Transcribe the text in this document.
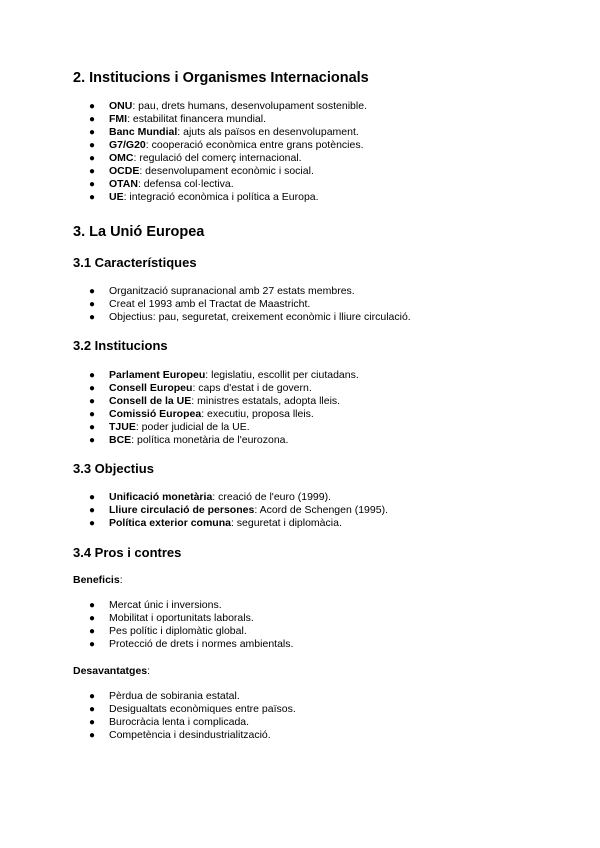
2. Institucions i Organismes Internacionals
● ONU: pau, drets humans, desenvolupament sostenible.
● FMI: estabilitat financera mundial.
● Banc Mundial: ajuts als països en desenvolupament.
● G7/G20: cooperació econòmica entre grans potències.
● OMC: regulació del comerç internacional.
● OCDE: desenvolupament econòmic i social.
● OTAN: defensa col·lectiva.
● UE: integració econòmica i política a Europa.
3. La Unió Europea
3.1 Característiques
● Organització supranacional amb 27 estats membres.
● Creat el 1993 amb el Tractat de Maastricht.
● Objectius: pau, seguretat, creixement econòmic i lliure circulació.
3.2 Institucions
● Parlament Europeu: legislatiu, escollit per ciutadans.
● Consell Europeu: caps d'estat i de govern.
● Consell de la UE: ministres estatals, adopta lleis.
● Comissió Europea: executiu, proposa lleis.
● TJUE: poder judicial de la UE.
● BCE: política monetària de l'eurozona.
3.3 Objectius
● Unificació monetària: creació de l'euro (1999).
● Lliure circulació de persones: Acord de Schengen (1995).
● Política exterior comuna: seguretat i diplomàcia.
3.4 Pros i contres

Beneficis:

● Mercat únic i inversions.
● Mobilitat i oportunitats laborals.
● Pes polític i diplomàtic global.
● Protecció de drets i normes ambientals.

Desavantatges:

● Pèrdua de sobirania estatal.
● Desigualtats econòmiques entre països.
● Burocràcia lenta i complicada.
● Competència i desindustrialització.
